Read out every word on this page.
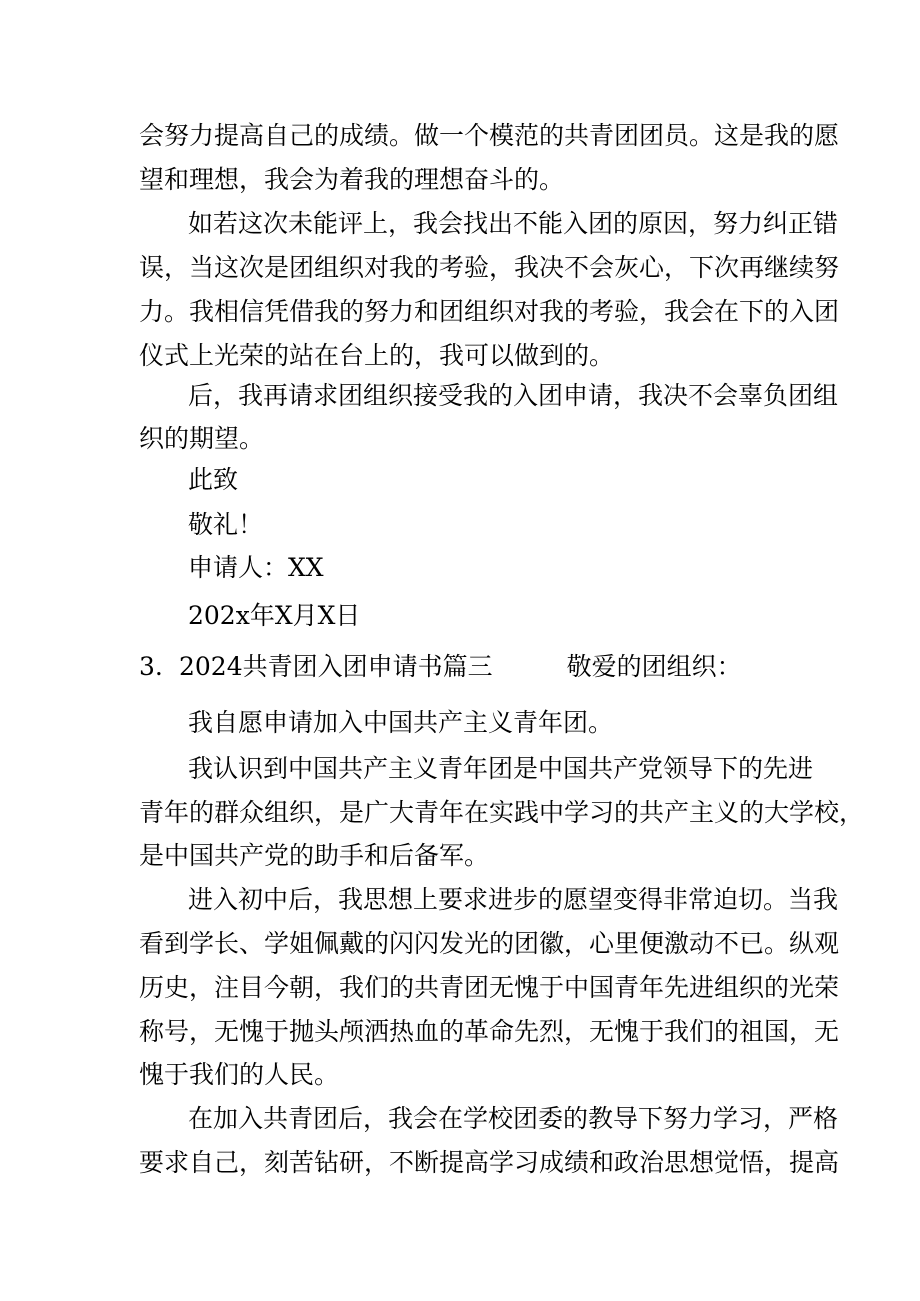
会努力提高自己的成绩。做一个模范的共青团团员。这是我的愿
望和理想，我会为着我的理想奋斗的。
如若这次未能评上，我会找出不能入团的原因，努力纠正错
误，当这次是团组织对我的考验，我决不会灰心，下次再继续努
力。我相信凭借我的努力和团组织对我的考验，我会在下的入团
仪式上光荣的站在台上的，我可以做到的。
后，我再请求团组织接受我的入团申请，我决不会辜负团组
织的期望。
此致
敬礼！
申请人：XX
202x年X月X日
3. 2024共青团入团申请书篇三	敬爱的团组织：
我自愿申请加入中国共产主义青年团。
我认识到中国共产主义青年团是中国共产党领导下的先进
青年的群众组织，是广大青年在实践中学习的共产主义的大学校，
是中国共产党的助手和后备军。
进入初中后，我思想上要求进步的愿望变得非常迫切。当我
看到学长、学姐佩戴的闪闪发光的团徽，心里便激动不已。纵观
历史，注目今朝，我们的共青团无愧于中国青年先进组织的光荣
称号，无愧于抛头颅洒热血的革命先烈，无愧于我们的祖国，无
愧于我们的人民。
在加入共青团后，我会在学校团委的教导下努力学习，严格
要求自己，刻苦钻研，不断提高学习成绩和政治思想觉悟，提高
